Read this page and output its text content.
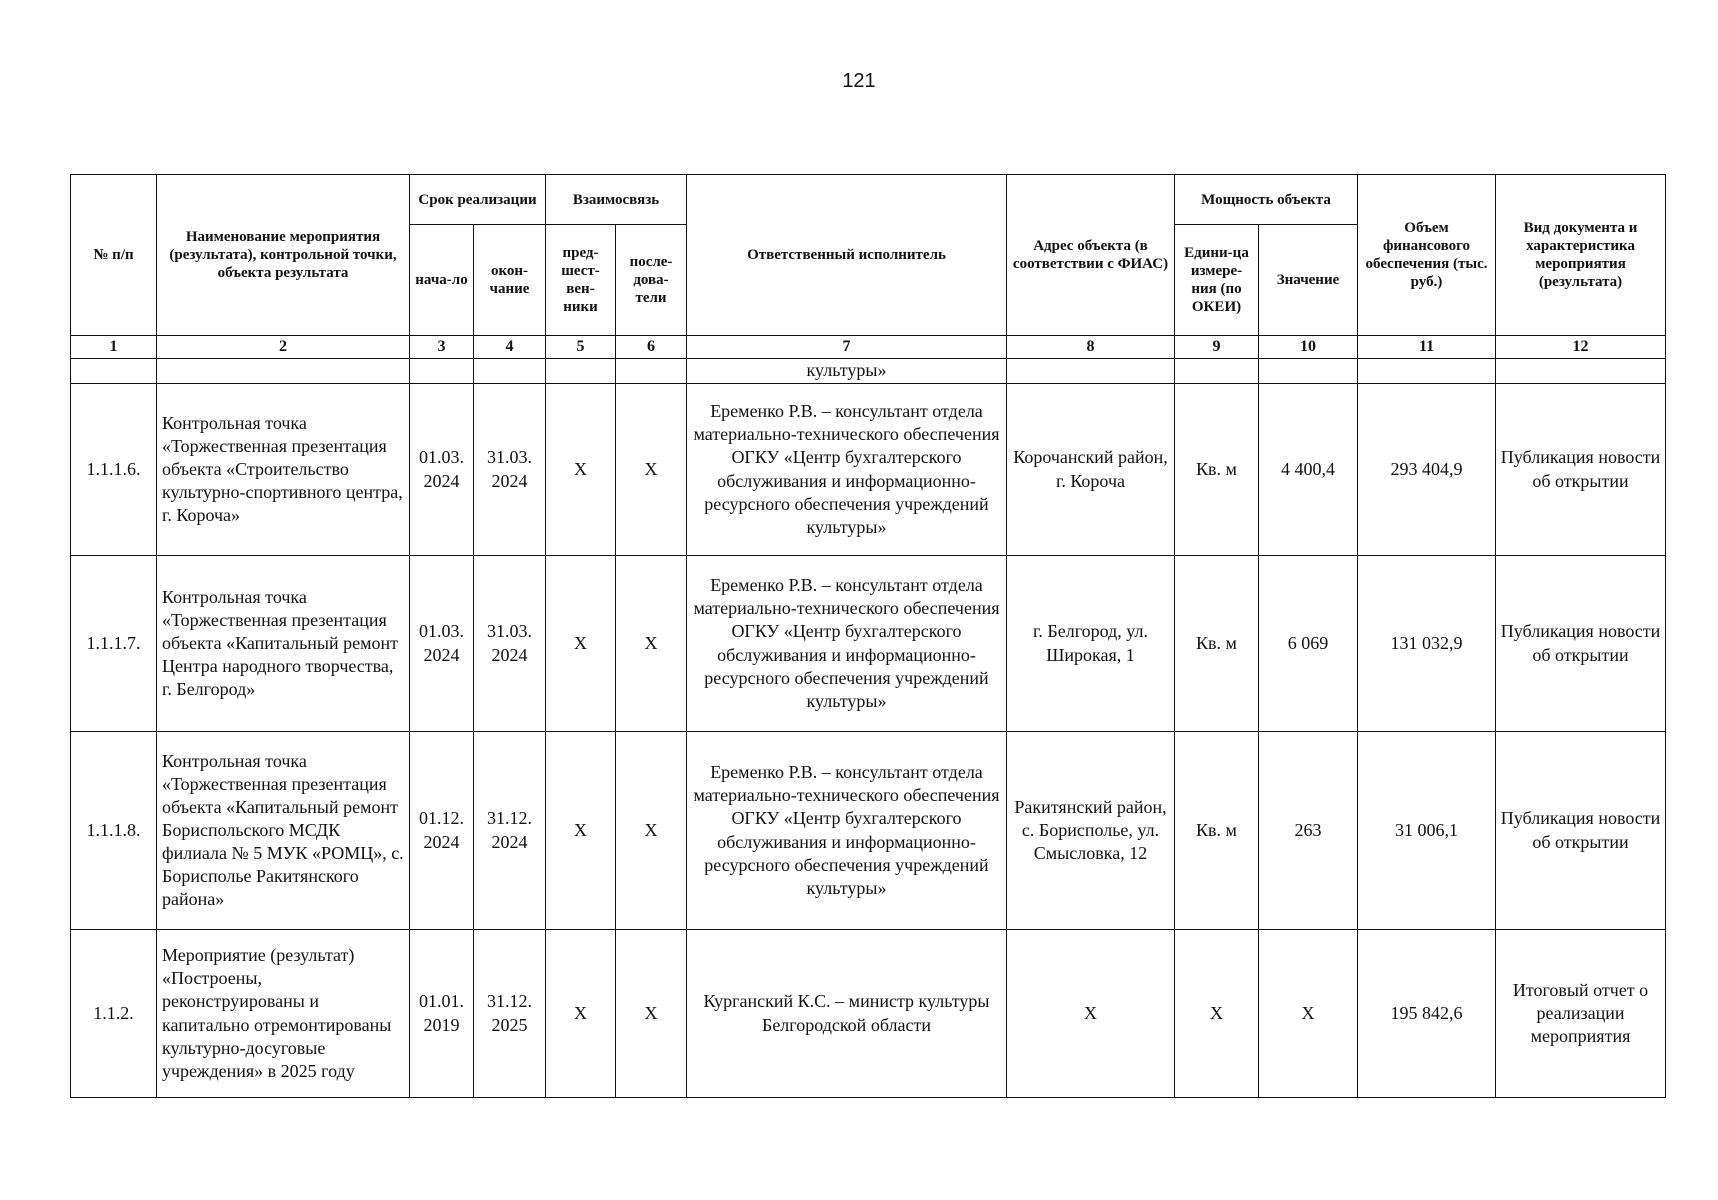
121
№ п/п	Наименование мероприятия (результата), контрольной точки, объекта результата	Срок реализации		Взаимосвязь		Ответственный исполнитель	Адрес объекта (в соответствии с ФИАС)	Мощность объекта		Объем финансового обеспечения (тыс. руб.)	Вид документа и характеристика мероприятия (результата)
		нача-ло	окон-чание	пред-шест-вен-ники	после-дова-тели			Едини-ца измере-ния (по ОКЕИ)	Значение		
1	2	3	4	5	6	7	8	9	10	11	12
						культуры»					
1.1.1.6.	Контрольная точка «Торжественная презентация объекта «Строительство культурно-спортивного центра, г. Короча»	01.03. 2024	31.03. 2024	X	X	Еременко Р.В. – консультант отдела материально-технического обеспечения ОГКУ «Центр бухгалтерского обслуживания и информационно-ресурсного обеспечения учреждений культуры»	Корочанский район, г. Короча	Кв. м	4 400,4	293 404,9	Публикация новости об открытии
1.1.1.7.	Контрольная точка «Торжественная презентация объекта «Капитальный ремонт Центра народного творчества, г. Белгород»	01.03. 2024	31.03. 2024	X	X	Еременко Р.В. – консультант отдела материально-технического обеспечения ОГКУ «Центр бухгалтерского обслуживания и информационно-ресурсного обеспечения учреждений культуры»	г. Белгород, ул. Широкая, 1	Кв. м	6 069	131 032,9	Публикация новости об открытии
1.1.1.8.	Контрольная точка «Торжественная презентация объекта «Капитальный ремонт Бориспольского МСДК филиала № 5 МУК «РОМЦ», с. Борисполье Ракитянского района»	01.12. 2024	31.12. 2024	X	X	Еременко Р.В. – консультант отдела материально-технического обеспечения ОГКУ «Центр бухгалтерского обслуживания и информационно-ресурсного обеспечения учреждений культуры»	Ракитянский район, с. Борисполье, ул. Смысловка, 12	Кв. м	263	31 006,1	Публикация новости об открытии
1.1.2.	Мероприятие (результат) «Построены, реконструированы и капитально отремонтированы культурно-досуговые учреждения» в 2025 году	01.01. 2019	31.12. 2025	X	X	Курганский К.С. – министр культуры Белгородской области	X	X	X	195 842,6	Итоговый отчет о реализации мероприятия
